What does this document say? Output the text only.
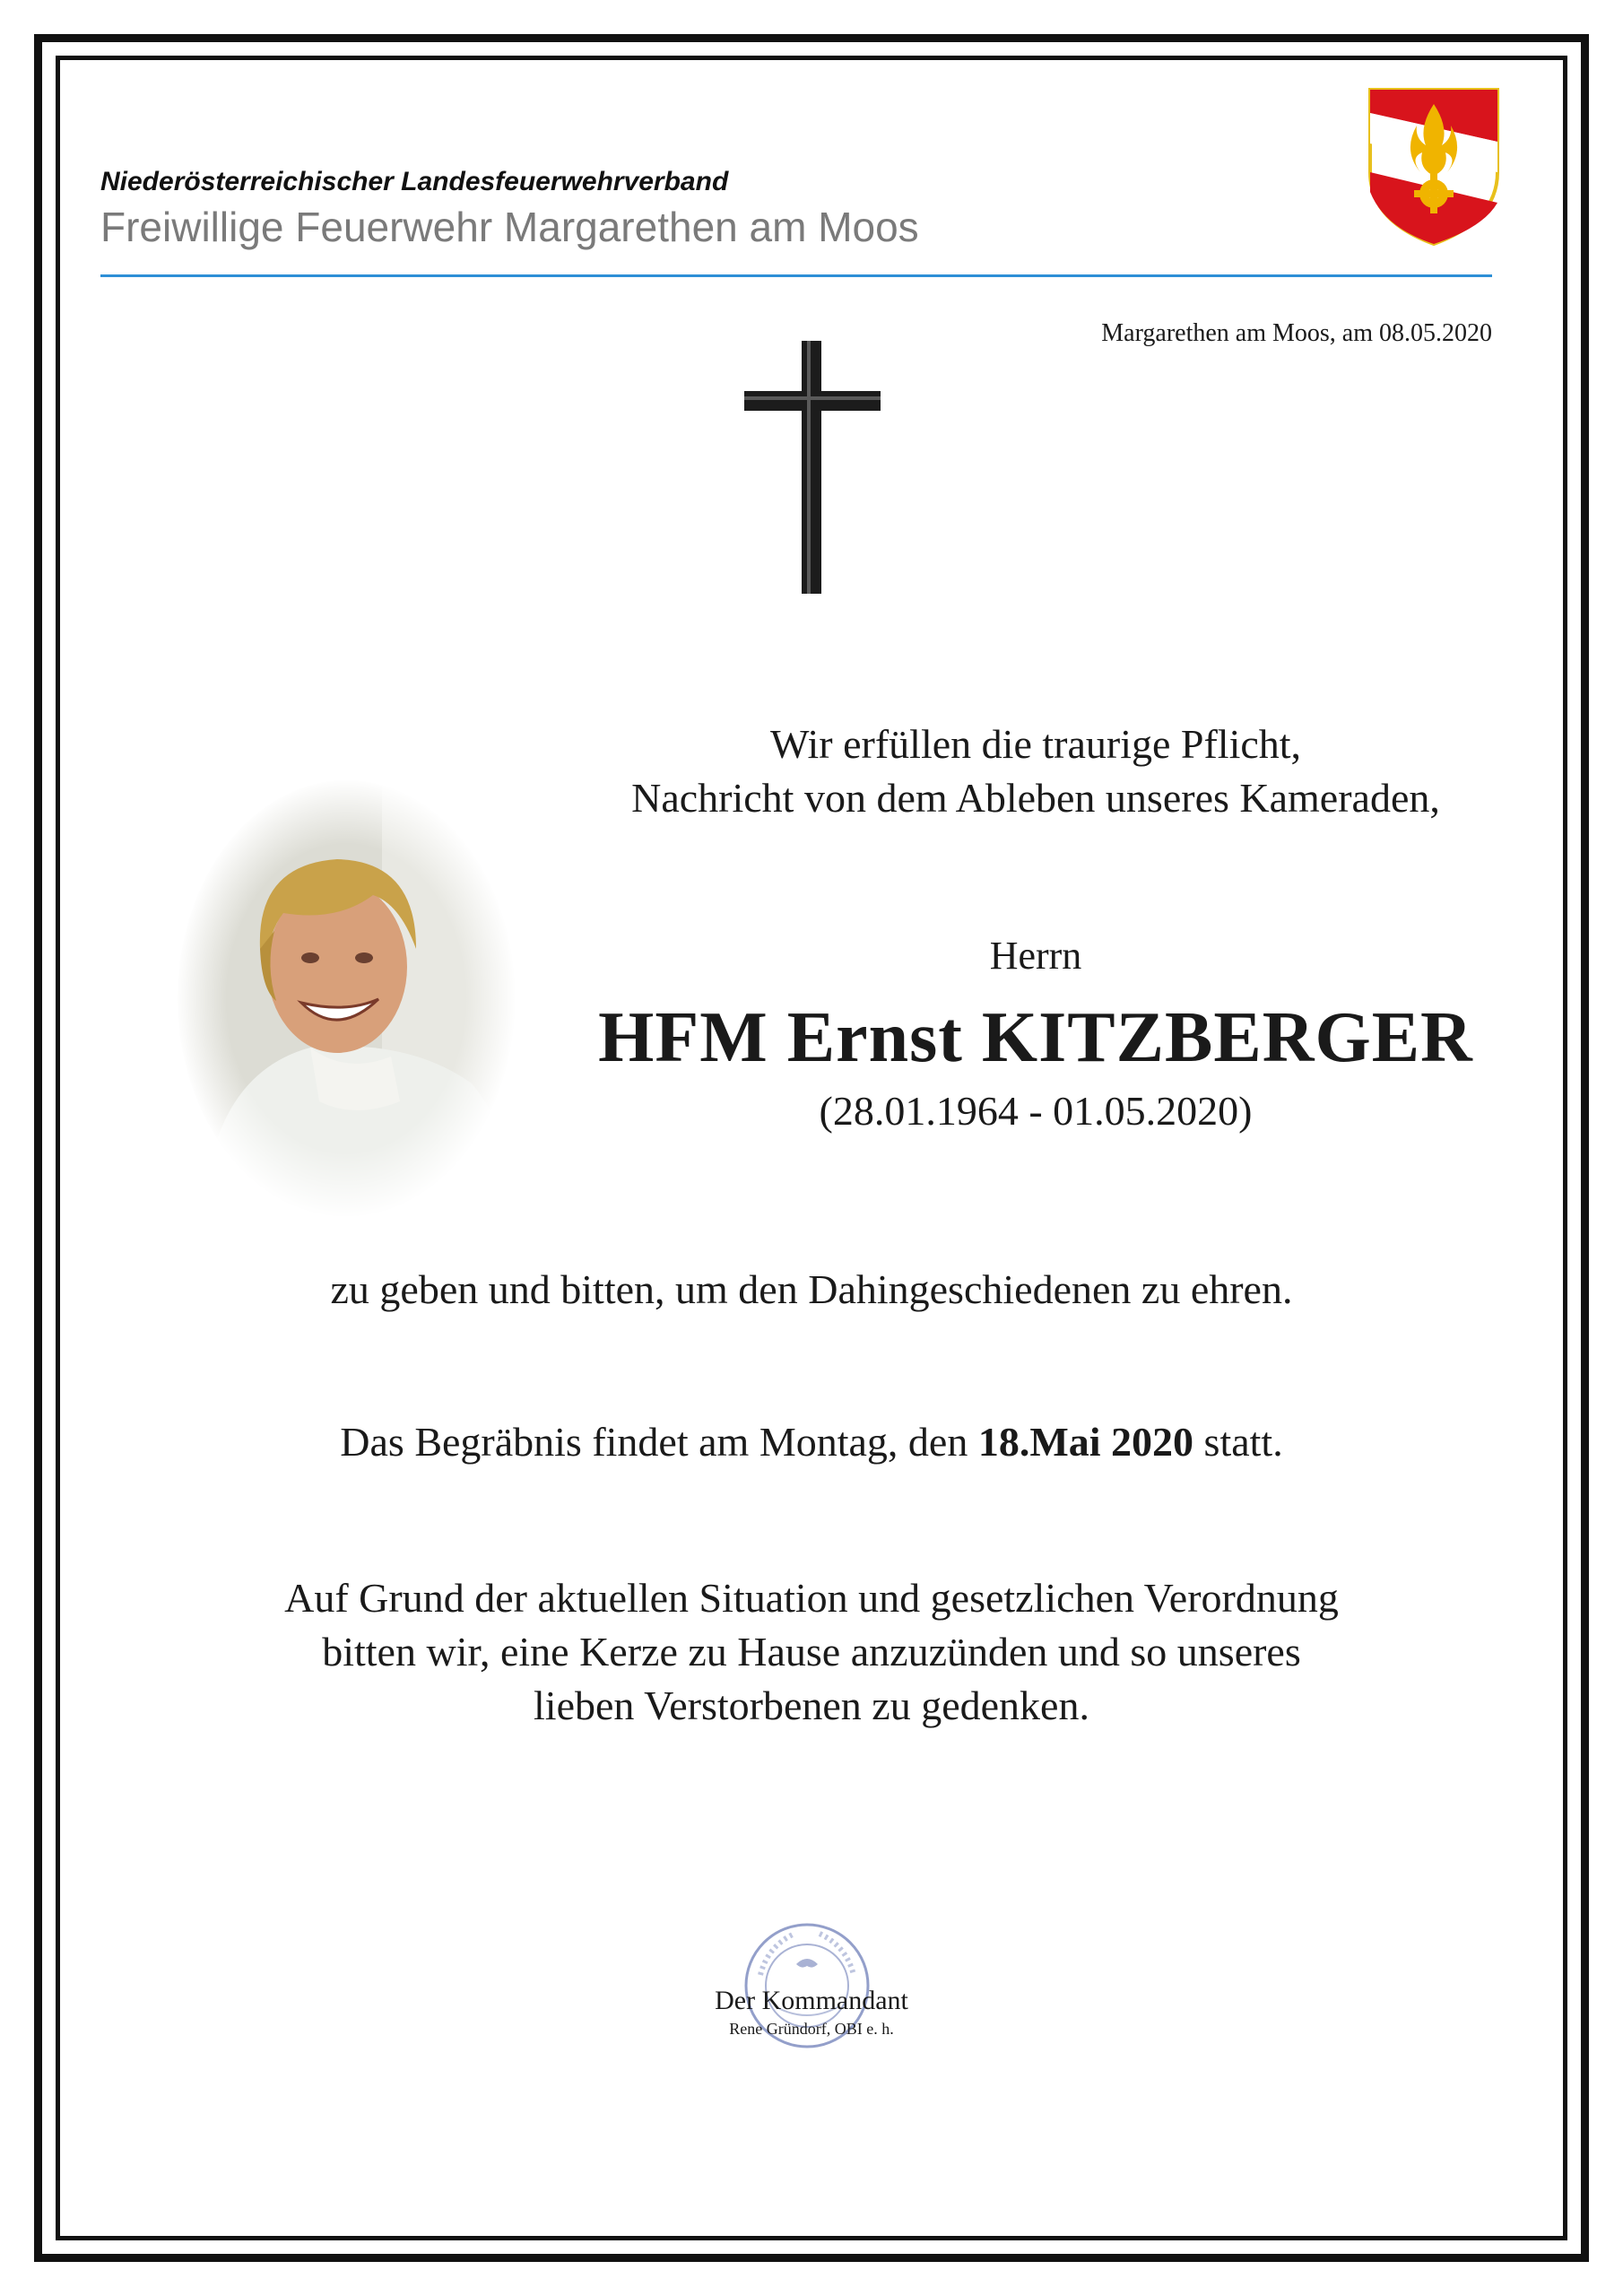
Niederösterreichischer Landesfeuerwehrverband
Freiwillige Feuerwehr Margarethen am Moos
Margarethen am Moos, am 08.05.2020
Wir erfüllen die traurige Pflicht,
Nachricht von dem Ableben unseres Kameraden,
Herrn
HFM Ernst KITZBERGER
(28.01.1964 - 01.05.2020)
zu geben und bitten, um den Dahingeschiedenen zu ehren.
Das Begräbnis findet am Montag, den 18.Mai 2020 statt.
Auf Grund der aktuellen Situation und gesetzlichen Verordnung
bitten wir, eine Kerze zu Hause anzuzünden und so unseres
lieben Verstorbenen zu gedenken.
Der Kommandant
Rene Gründorf, OBI e. h.
